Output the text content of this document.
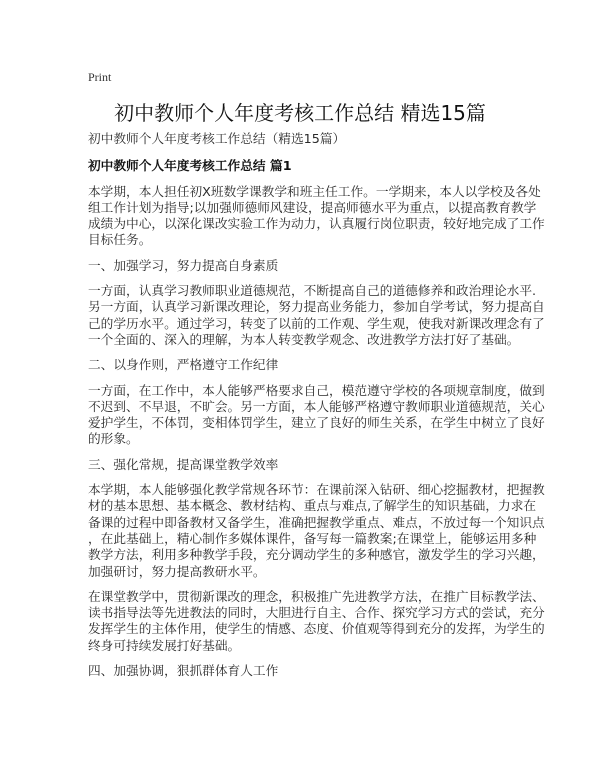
Print
初中教师个人年度考核工作总结 精选15篇
初中教师个人年度考核工作总结（精选15篇）
初中教师个人年度考核工作总结 篇1
本学期，本人担任初X班数学课教学和班主任工作。一学期来，本人以学校及各处
组工作计划为指导;以加强师德师风建设，提高师德水平为重点，以提高教育教学
成绩为中心，以深化课改实验工作为动力，认真履行岗位职责，较好地完成了工作
目标任务。
一、加强学习，努力提高自身素质
一方面，认真学习教师职业道德规范，不断提高自己的道德修养和政治理论水平.
另一方面，认真学习新课改理论，努力提高业务能力，参加自学考试，努力提高自
己的学历水平。通过学习，转变了以前的工作观、学生观，使我对新课改理念有了
一个全面的、深入的理解，为本人转变教学观念、改进教学方法打好了基础。
二、以身作则，严格遵守工作纪律
一方面，在工作中，本人能够严格要求自己，模范遵守学校的各项规章制度，做到
不迟到、不早退，不旷会。另一方面，本人能够严格遵守教师职业道德规范，关心
爱护学生，不体罚，变相体罚学生，建立了良好的师生关系，在学生中树立了良好
的形象。
三、强化常规，提高课堂教学效率
本学期，本人能够强化教学常规各环节：在课前深入钻研、细心挖掘教材，把握教
材的基本思想、基本概念、教材结构、重点与难点,了解学生的知识基础，力求在
备课的过程中即备教材又备学生，准确把握教学重点、难点，不放过每一个知识点
，在此基础上，精心制作多媒体课件，备写每一篇教案;在课堂上，能够运用多种
教学方法，利用多种教学手段，充分调动学生的多种感官，激发学生的学习兴趣，
加强研讨，努力提高教研水平。
在课堂教学中，贯彻新课改的理念，积极推广先进教学方法，在推广目标教学法、
读书指导法等先进教法的同时，大胆进行自主、合作、探究学习方式的尝试，充分
发挥学生的主体作用，使学生的情感、态度、价值观等得到充分的发挥，为学生的
终身可持续发展打好基础。
四、加强协调，狠抓群体育人工作
